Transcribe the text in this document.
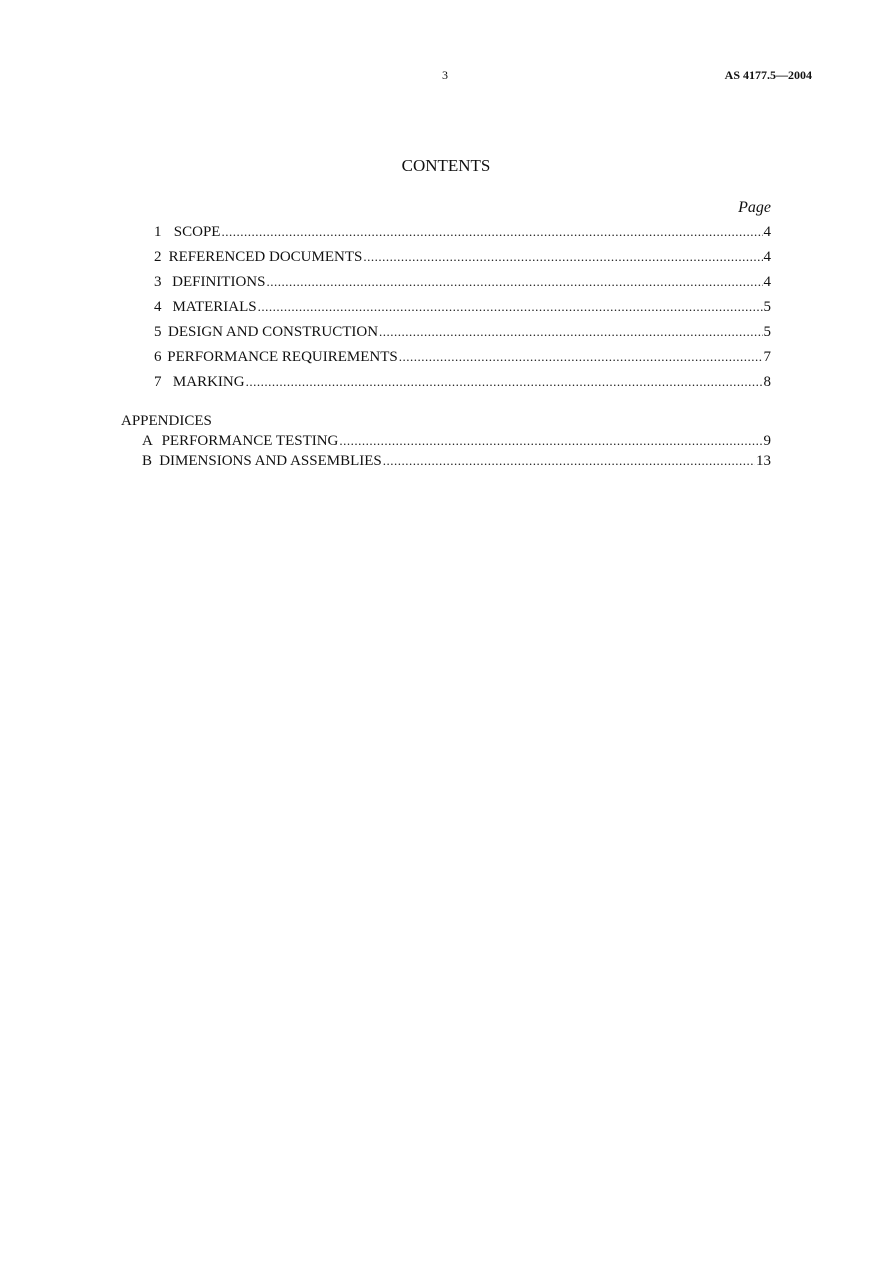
3	AS 4177.5—2004
CONTENTS
Page
1 SCOPE .....	4
2 REFERENCED DOCUMENTS .....	4
3 DEFINITIONS .....	4
4 MATERIALS .....	5
5 DESIGN AND CONSTRUCTION .....	5
6 PERFORMANCE REQUIREMENTS .....	7
7 MARKING .....	8
APPENDICES
A PERFORMANCE TESTING .....	9
B DIMENSIONS AND ASSEMBLIES .....	13
